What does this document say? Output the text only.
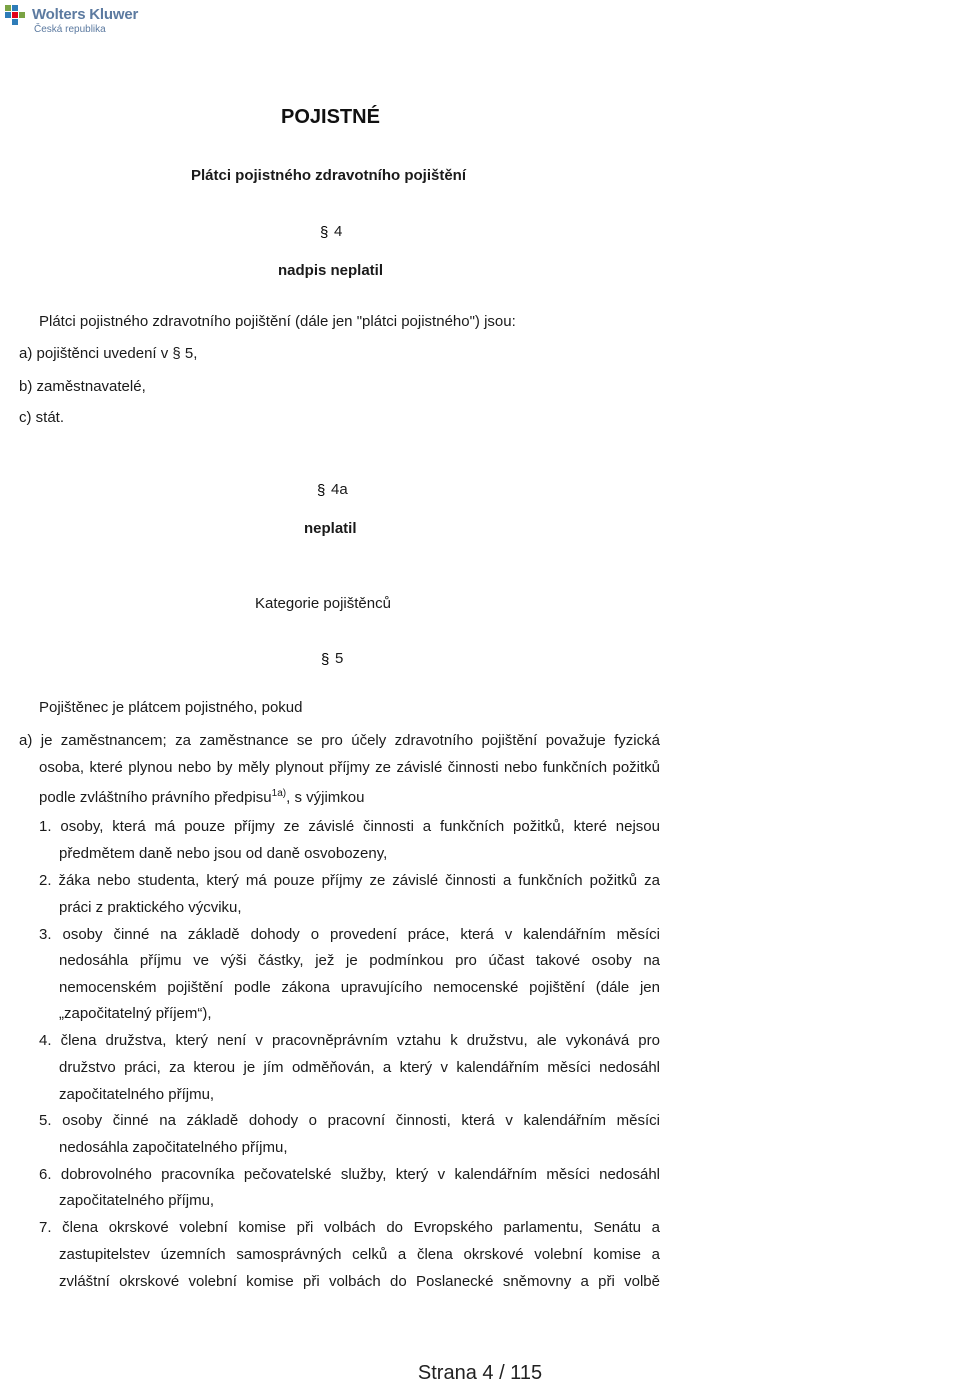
Wolters Kluwer
Česká republika
POJISTNÉ
Plátci pojistného zdravotního pojištění
§ 4
nadpis neplatil
Plátci pojistného zdravotního pojištění (dále jen "plátci pojistného") jsou:
a) pojištěnci uvedení v § 5,
b) zaměstnavatelé,
c) stát.
§ 4a
neplatil
Kategorie pojištěnců
§ 5
Pojištěnec je plátcem pojistného, pokud
a) je zaměstnancem; za zaměstnance se pro účely zdravotního pojištění považuje fyzická
osoba, které plynou nebo by měly plynout příjmy ze závislé činnosti nebo funkčních požitků
podle zvláštního právního předpisu$^{1a)}$, s výjimkou
1. osoby, která má pouze příjmy ze závislé činnosti a funkčních požitků, které nejsou
předmětem daně nebo jsou od daně osvobozeny,
2. žáka nebo studenta, který má pouze příjmy ze závislé činnosti a funkčních požitků za
práci z praktického výcviku,
3. osoby činné na základě dohody o provedení práce, která v kalendářním měsíci
nedosáhla příjmu ve výši částky, jež je podmínkou pro účast takové osoby na
nemocenském pojištění podle zákona upravujícího nemocenské pojištění (dále jen
„započitatelný příjem“),
4. člena družstva, který není v pracovněprávním vztahu k družstvu, ale vykonává pro
družstvo práci, za kterou je jím odměňován, a který v kalendářním měsíci nedosáhl
započitatelného příjmu,
5. osoby činné na základě dohody o pracovní činnosti, která v kalendářním měsíci
nedosáhla započitatelného příjmu,
6. dobrovolného pracovníka pečovatelské služby, který v kalendářním měsíci nedosáhl
započitatelného příjmu,
7. člena okrskové volební komise při volbách do Evropského parlamentu, Senátu a
zastupitelstev územních samosprávných celků a člena okrskové volební komise a
zvláštní okrskové volební komise při volbách do Poslanecké sněmovny a při volbě
Strana 4 / 115
